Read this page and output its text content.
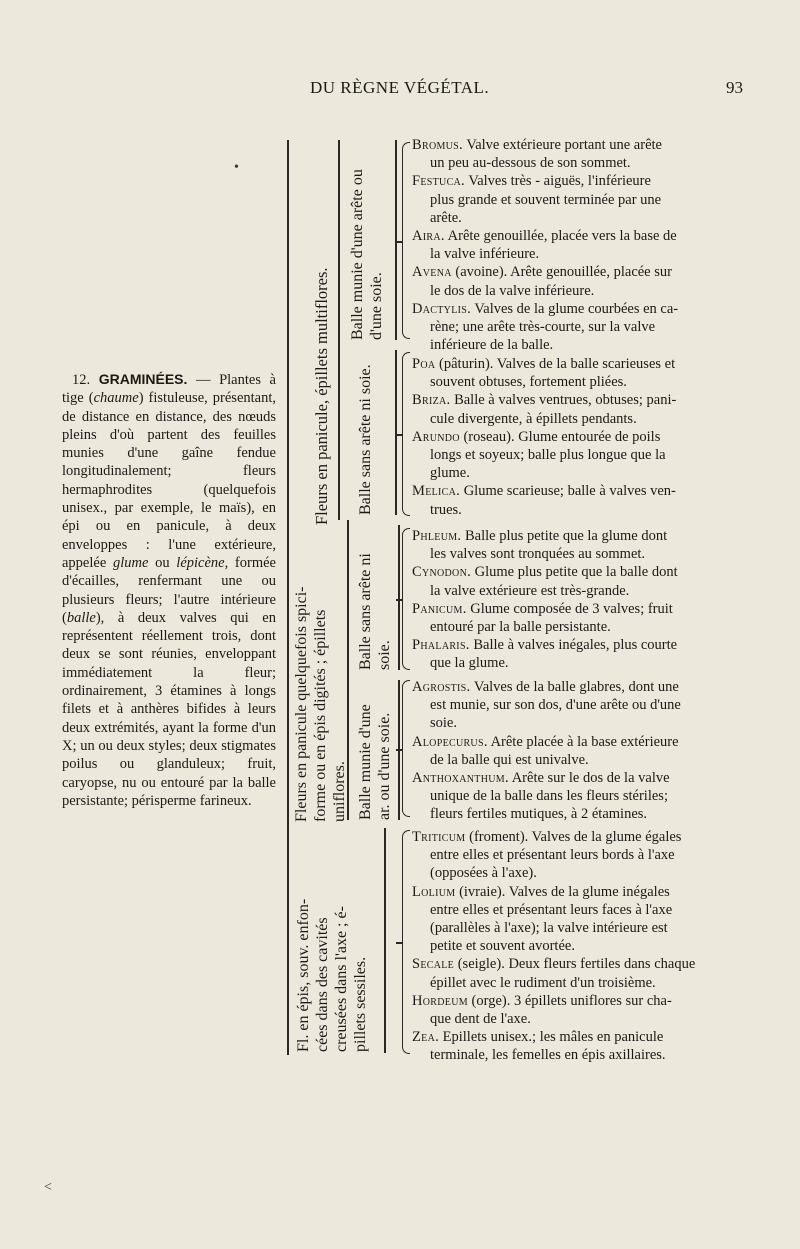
DU RÈGNE VÉGÉTAL.	93
12. GRAMINÉES. — Plantes à tige (chaume) fistuleuse, présentant, de distance en distance, des nœuds pleins d'où partent des feuilles munies d'une gaîne fendue longitudinalement; fleurs hermaphrodites (quelquefois unisex., par exemple, le maïs), en épi ou en panicule, à deux enveloppes : l'une extérieure, appelée glume ou lépicène, formée d'écailles, renfermant une ou plusieurs fleurs; l'autre intérieure (balle), à deux valves qui en représentent réellement trois, dont deux se sont réunies, enveloppant immédiatement la fleur; ordinairement, 3 étamines à longs filets et à anthères bifides à leurs deux extrémités, ayant la forme d'un X; un ou deux styles; deux stigmates poilus ou glanduleux; fruit, caryopse, nu ou entouré par la balle persistante; périsperme farineux.
Fleurs en panicule, épillets multiflores.
Fleurs en panicule quelquefois spici- forme ou en épis digités ; épillets uniflores.
Fl. en épis, souv. enfon- cées dans des cavités creusées dans l'axe ; é- pillets sessiles.
Balle munie d'une arête ou d'une soie.
Balle sans arête ni soie.
Balle sans arête ni soie.
Balle munie d'une ar. ou d'une soie.
Bromus. Valve extérieure portant une arête
un peu au-dessous de son sommet.
Festuca. Valves très - aiguës, l'inférieure
plus grande et souvent terminée par une
arête.
Aira. Arête genouillée, placée vers la base de
la valve inférieure.
Avena (avoine). Arête genouillée, placée sur
le dos de la valve inférieure.
Dactylis. Valves de la glume courbées en ca-
rène; une arête très-courte, sur la valve
inférieure de la balle.
Poa (pâturin). Valves de la balle scarieuses et
souvent obtuses, fortement pliées.
Briza. Balle à valves ventrues, obtuses; pani-
cule divergente, à épillets pendants.
Arundo (roseau). Glume entourée de poils
longs et soyeux; balle plus longue que la
glume.
Melica. Glume scarieuse; balle à valves ven-
trues.
Phleum. Balle plus petite que la glume dont
les valves sont tronquées au sommet.
Cynodon. Glume plus petite que la balle dont
la valve extérieure est très-grande.
Panicum. Glume composée de 3 valves; fruit
entouré par la balle persistante.
Phalaris. Balle à valves inégales, plus courte
que la glume.
Agrostis. Valves de la balle glabres, dont une
est munie, sur son dos, d'une arête ou d'une
soie.
Alopecurus. Arête placée à la base extérieure
de la balle qui est univalve.
Anthoxanthum. Arête sur le dos de la valve
unique de la balle dans les fleurs stériles;
fleurs fertiles mutiques, à 2 étamines.
Triticum (froment). Valves de la glume égales
entre elles et présentant leurs bords à l'axe
(opposées à l'axe).
Lolium (ivraie). Valves de la glume inégales
entre elles et présentant leurs faces à l'axe
(parallèles à l'axe); la valve intérieure est
petite et souvent avortée.
Secale (seigle). Deux fleurs fertiles dans chaque
épillet avec le rudiment d'un troisième.
Hordeum (orge). 3 épillets uniflores sur cha-
que dent de l'axe.
Zea. Epillets unisex.; les mâles en panicule
terminale, les femelles en épis axillaires.
•
˂
